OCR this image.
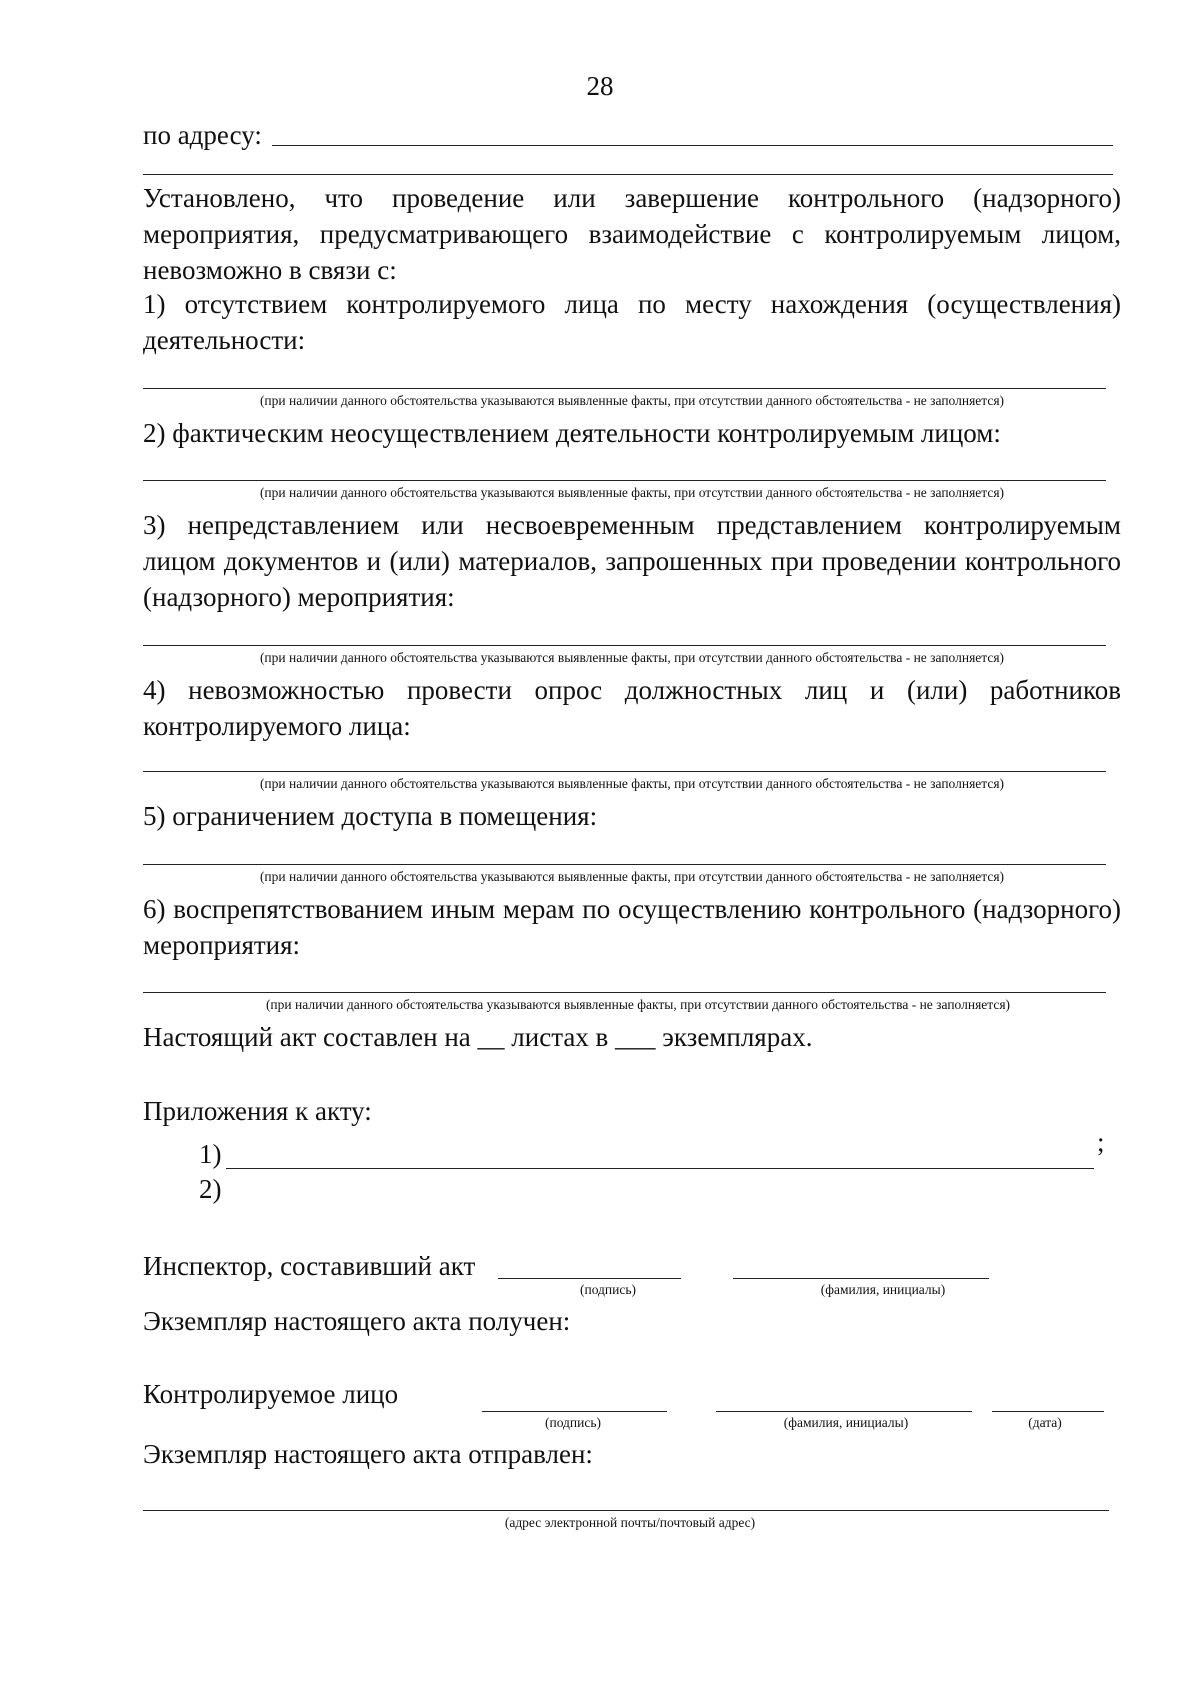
28
по адресу:
Установлено, что проведение или завершение контрольного (надзорного) мероприятия, предусматривающего взаимодействие с контролируемым лицом, невозможно в связи с:
1) отсутствием контролируемого лица по месту нахождения (осуществления) деятельности:
(при наличии данного обстоятельства указываются выявленные факты, при отсутствии данного обстоятельства - не заполняется)
2) фактическим неосуществлением деятельности контролируемым лицом:
(при наличии данного обстоятельства указываются выявленные факты, при отсутствии данного обстоятельства - не заполняется)
3) непредставлением или несвоевременным представлением контролируемым лицом документов и (или) материалов, запрошенных при проведении контрольного (надзорного) мероприятия:
(при наличии данного обстоятельства указываются выявленные факты, при отсутствии данного обстоятельства - не заполняется)
4) невозможностью провести опрос должностных лиц и (или) работников контролируемого лица:
(при наличии данного обстоятельства указываются выявленные факты, при отсутствии данного обстоятельства - не заполняется)
5) ограничением доступа в помещения:
(при наличии данного обстоятельства указываются выявленные факты, при отсутствии данного обстоятельства - не заполняется)
6) воспрепятствованием иным мерам по осуществлению контрольного (надзорного) мероприятия:
(при наличии данного обстоятельства указываются выявленные факты, при отсутствии данного обстоятельства - не заполняется)
Настоящий акт составлен на __ листах в ___ экземплярах.
Приложения к акту:
1)	;
2)
Инспектор, составивший акт
(подпись)	(фамилия, инициалы)
Экземпляр настоящего акта получен:
Контролируемое лицо
(подпись)	(фамилия, инициалы)	(дата)
Экземпляр настоящего акта отправлен:
(адрес электронной почты/почтовый адрес)
